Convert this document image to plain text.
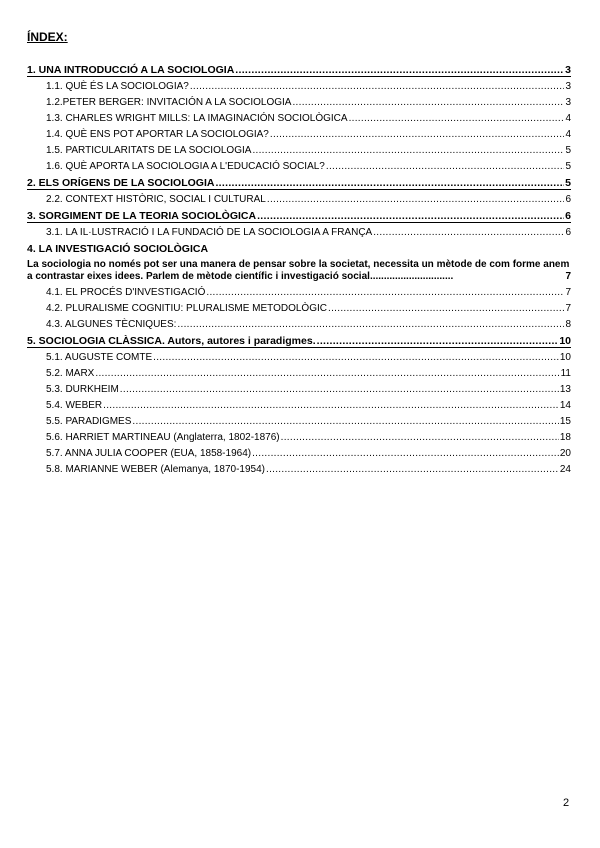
ÍNDEX:
1. UNA INTRODUCCIÓ A LA SOCIOLOGIA .....	3
1.1. QUÈ ÉS LA SOCIOLOGIA? .....	3
1.2.PETER BERGER: INVITACIÓN A LA SOCIOLOGIA .....	3
1.3. CHARLES WRIGHT MILLS: LA IMAGINACIÓN SOCIOLÒGICA .....	4
1.4. QUÈ ENS POT APORTAR LA SOCIOLOGIA? .....	4
1.5. PARTICULARITATS DE LA SOCIOLOGIA .....	5
1.6. QUÈ APORTA LA SOCIOLOGIA A L'EDUCACIÓ SOCIAL? .....	5
2. ELS ORÍGENS DE LA SOCIOLOGIA .....	5
2.2. CONTEXT HISTÒRIC, SOCIAL I CULTURAL .....	6
3. SORGIMENT DE LA TEORIA SOCIOLÒGICA .....	6
3.1. LA IL·LUSTRACIÓ I LA FUNDACIÓ DE LA SOCIOLOGIA A FRANÇA .....	6
4. LA INVESTIGACIÓ SOCIOLÒGICA
La sociologia no només pot ser una manera de pensar sobre la societat, necessita un mètode de com forme anem a contrastar eixes idees. Parlem de mètode científic i investigació social..............................	7
4.1. EL PROCÉS D'INVESTIGACIÓ .....	7
4.2. PLURALISME COGNITIU: PLURALISME METODOLÒGIC .....	7
4.3. ALGUNES TÈCNIQUES: .....	8
5. SOCIOLOGIA CLÀSSICA. Autors, autores i paradigmes. .....	10
5.1. AUGUSTE COMTE .....	10
5.2. MARX .....	11
5.3. DURKHEIM .....	13
5.4. WEBER .....	14
5.5. PARADIGMES .....	15
5.6. HARRIET MARTINEAU (Anglaterra, 1802-1876) .....	18
5.7. ANNA JULIA COOPER (EUA, 1858-1964) .....	20
5.8. MARIANNE WEBER (Alemanya, 1870-1954) .....	24
2
